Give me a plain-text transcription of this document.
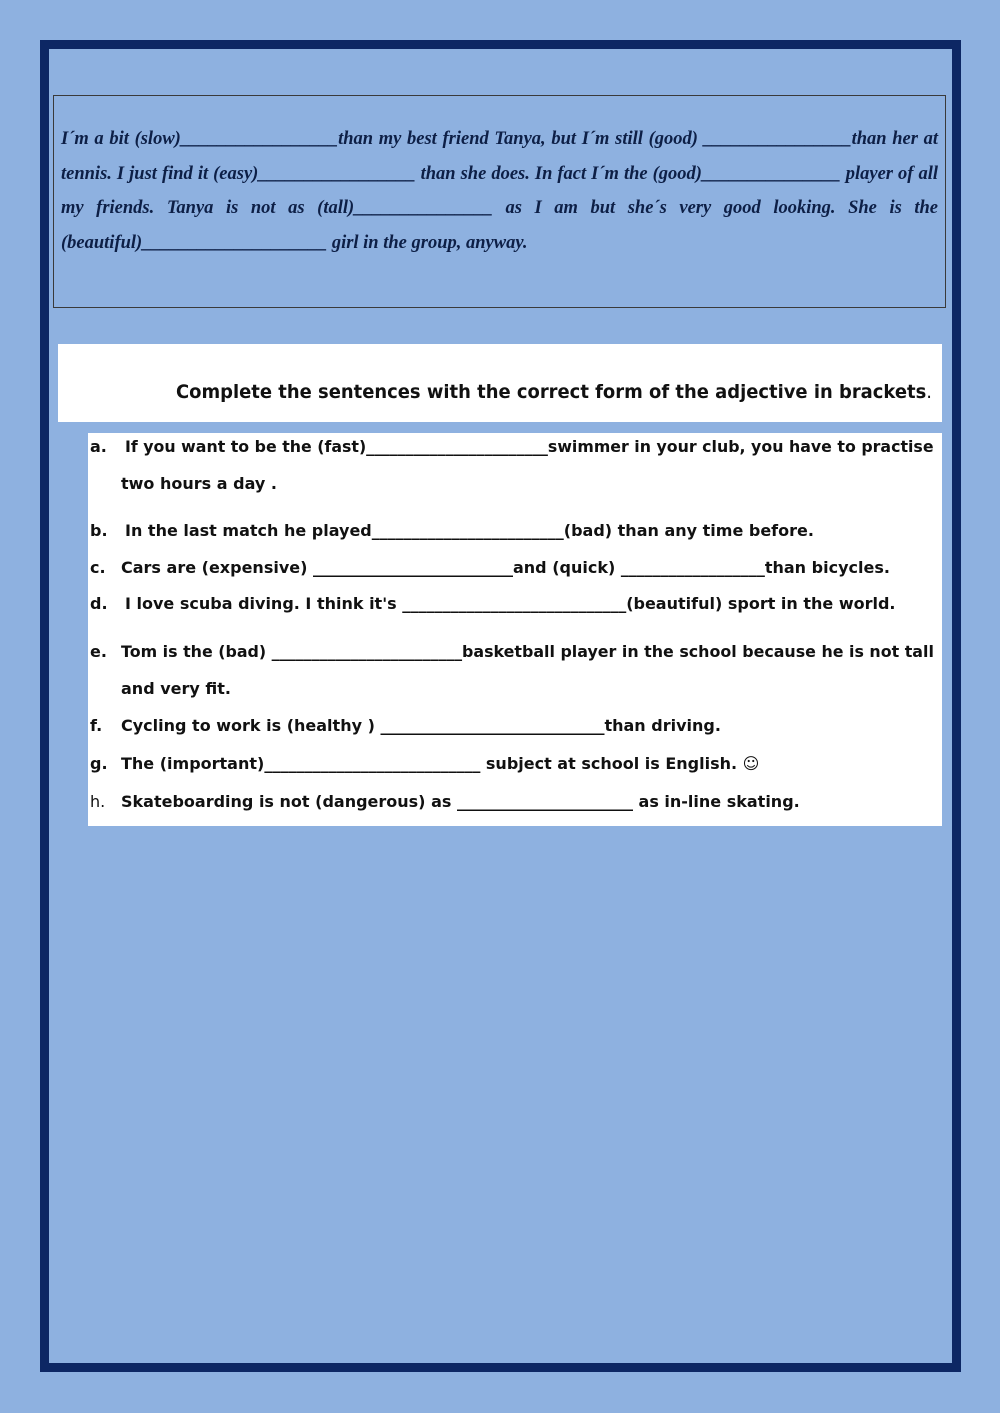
I´m a bit (slow)_________________than my best friend Tanya, but I´m still (good) ________________than her at tennis. I just find it (easy)_________________ than she does. In fact I´m the (good)_______________ player of all my friends. Tanya is not as (tall)_______________ as I am but she´s very good looking. She is the (beautiful)____________________ girl in the group, anyway.

Complete the sentences with the correct form of the adjective in brackets.

a. If you want to be the (fast)_______________________swimmer in your club, you have to practise
two hours a day .
b. In the last match he played________________________(bad) than any time before.
c. Cars are (expensive) _________________________and (quick) __________________than bicycles.
d. I love scuba diving. I think it's ____________________________(beautiful) sport in the world.
e. Tom is the (bad) ________________________basketball player in the school because he is not tall
and very fit.
f. Cycling to work is (healthy ) ____________________________than driving.
g. The (important)___________________________ subject at school is English. ☺
h. Skateboarding is not (dangerous) as ______________________ as in-line skating.
